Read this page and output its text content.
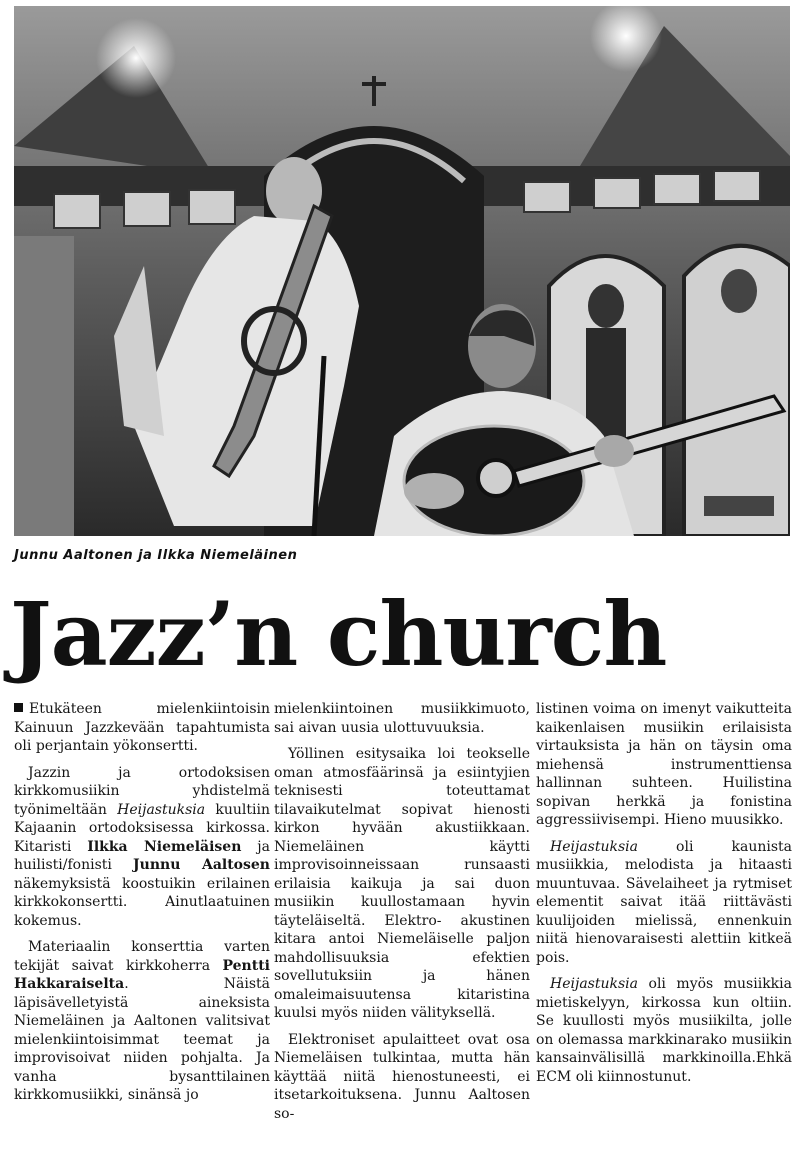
Junnu Aaltonen ja Ilkka Niemeläinen
Jazz’n church

Etukäteen mielenkiintoisin Kainuun Jazzkevään tapahtumista oli perjantain yökonsertti.

Jazzin ja ortodoksisen kirkkomusiikin yhdistelmä työnimeltään Heijastuksia kuultiin Kajaanin ortodoksisessa kirkossa. Kitaristi Ilkka Niemeläisen ja huilisti/fonisti Junnu Aaltosen näkemyksistä koostuikin erilainen kirkkokonsertti. Ainutlaatuinen kokemus.

Materiaalin konserttia varten tekijät saivat kirkkoherra Pentti Hakkaraiselta. Näistä läpisävelletyistä aineksista Niemeläinen ja Aaltonen valitsivat mielenkiintoisimmat teemat ja improvisoivat niiden pohjalta. Ja vanha bysanttilainen kirkkomusiikki, sinänsä jo

mielenkiintoinen musiikkimuoto, sai aivan uusia ulottuvuuksia.

Yöllinen esitysaika loi teokselle oman atmosfäärinsä ja esiintyjien teknisesti toteuttamat tilavaikutelmat sopivat hienosti kirkon hyvään akustiikkaan. Niemeläinen käytti improvisoinneissaan runsaasti erilaisia kaikuja ja sai duon musiikin kuullostamaan hyvin täyteläiseltä. Elektro- akustinen kitara antoi Niemeläiselle paljon mahdollisuuksia efektien sovellutuksiin ja hänen omaleimaisuutensa kitaristina kuulsi myös niiden välityksellä.

Elektroniset apulaitteet ovat osa Niemeläisen tulkintaa, mutta hän käyttää niitä hienostuneesti, ei itsetarkoituksena. Junnu Aaltosen so-

listinen voima on imenyt vaikutteita kaikenlaisen musiikin erilaisista virtauksista ja hän on täysin oma miehensä instrumenttiensa hallinnan suhteen. Huilistina sopivan herkkä ja fonistina aggressiivisempi. Hieno muusikko.

Heijastuksia oli kaunista musiikkia, melodista ja hitaasti muuntuvaa. Sävelaiheet ja rytmiset elementit saivat itää riittävästi kuulijoiden mielissä, ennenkuin niitä hienovaraisesti alettiin kitkeä pois.

Heijastuksia oli myös musiikkia mietiskelyyn, kirkossa kun oltiin. Se kuullosti myös musiikilta, jolle on olemassa markkinarako musiikin kansainvälisillä markkinoilla.Ehkä ECM oli kiinnostunut.
